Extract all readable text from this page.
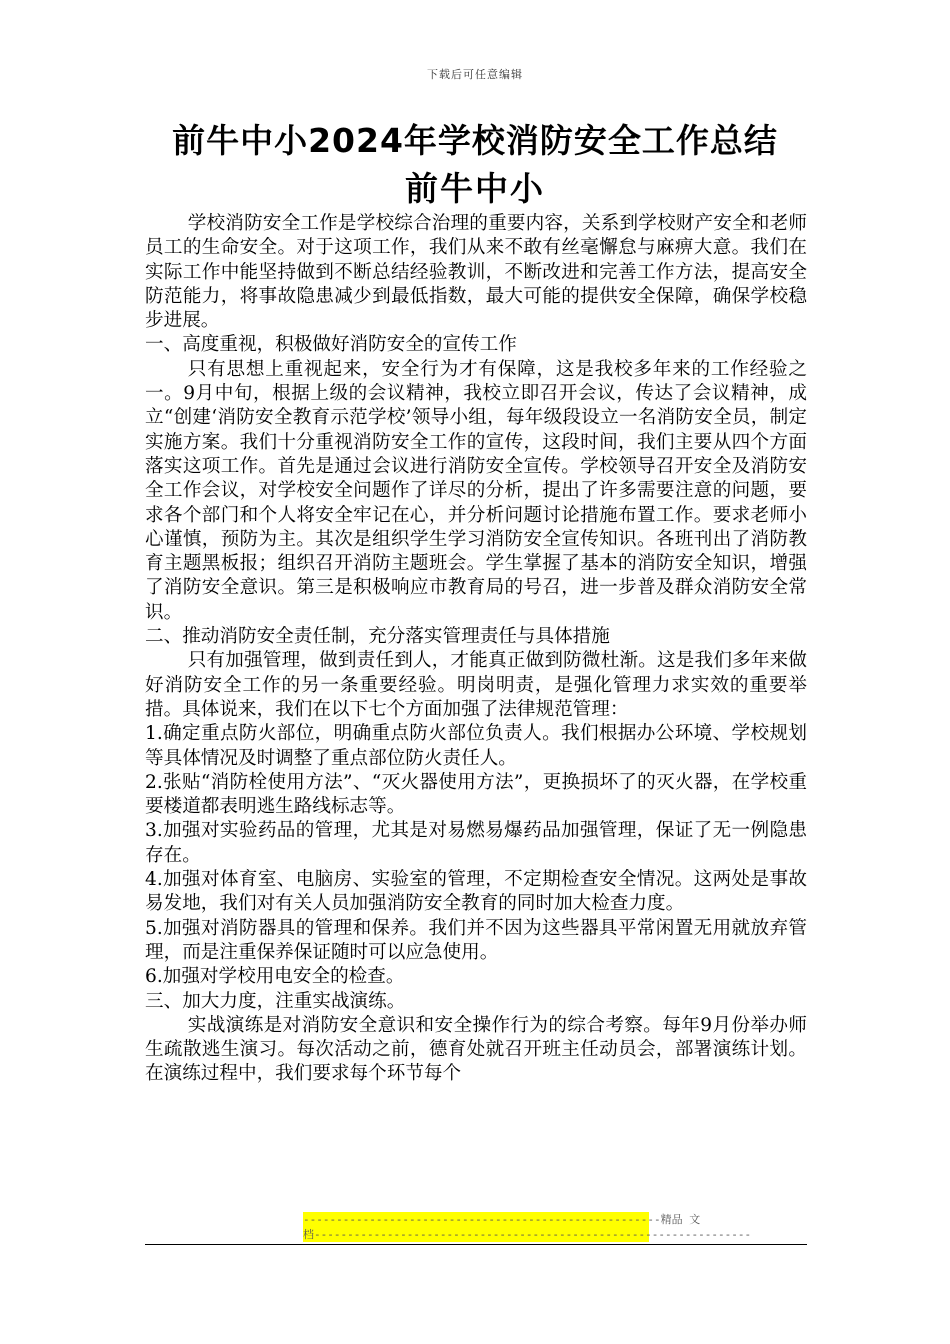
下载后可任意编辑
前牛中小2024年学校消防安全工作总结
前牛中小

学校消防安全工作是学校综合治理的重要内容，关系到学校财产安全和老师员工的生命安全。对于这项工作，我们从来不敢有丝毫懈怠与麻痹大意。我们在实际工作中能坚持做到不断总结经验教训，不断改进和完善工作方法，提高安全防范能力，将事故隐患减少到最低指数，最大可能的提供安全保障，确保学校稳步进展。

一、高度重视，积极做好消防安全的宣传工作

只有思想上重视起来，安全行为才有保障，这是我校多年来的工作经验之一。9月中旬，根据上级的会议精神，我校立即召开会议，传达了会议精神，成立“创建‘消防安全教育示范学校’领导小组，每年级段设立一名消防安全员，制定实施方案。我们十分重视消防安全工作的宣传，这段时间，我们主要从四个方面落实这项工作。首先是通过会议进行消防安全宣传。学校领导召开安全及消防安全工作会议，对学校安全问题作了详尽的分析，提出了许多需要注意的问题，要求各个部门和个人将安全牢记在心，并分析问题讨论措施布置工作。要求老师小心谨慎，预防为主。其次是组织学生学习消防安全宣传知识。各班刊出了消防教育主题黑板报；组织召开消防主题班会。学生掌握了基本的消防安全知识，增强了消防安全意识。第三是积极响应市教育局的号召，进一步普及群众消防安全常识。

二、推动消防安全责任制，充分落实管理责任与具体措施

只有加强管理，做到责任到人，才能真正做到防微杜渐。这是我们多年来做好消防安全工作的另一条重要经验。明岗明责，是强化管理力求实效的重要举措。具体说来，我们在以下七个方面加强了法律规范管理：

1.确定重点防火部位，明确重点防火部位负责人。我们根据办公环境、学校规划等具体情况及时调整了重点部位防火责任人。

2.张贴“消防栓使用方法”、“灭火器使用方法”，更换损坏了的灭火器，在学校重要楼道都表明逃生路线标志等。

3.加强对实验药品的管理，尤其是对易燃易爆药品加强管理，保证了无一例隐患存在。

4.加强对体育室、电脑房、实验室的管理，不定期检查安全情况。这两处是事故易发地，我们对有关人员加强消防安全教育的同时加大检查力度。

5.加强对消防器具的管理和保养。我们并不因为这些器具平常闲置无用就放弃管理，而是注重保养保证随时可以应急使用。

6.加强对学校用电安全的检查。

三、加大力度，注重实战演练。

实战演练是对消防安全意识和安全操作行为的综合考察。每年9月份举办师生疏散逃生演习。每次活动之前，德育处就召开班主任动员会，部署演练计划。在演练过程中，我们要求每个环节每个

------------------------------------------------------精品 文
档------------------------------------------------------------------
